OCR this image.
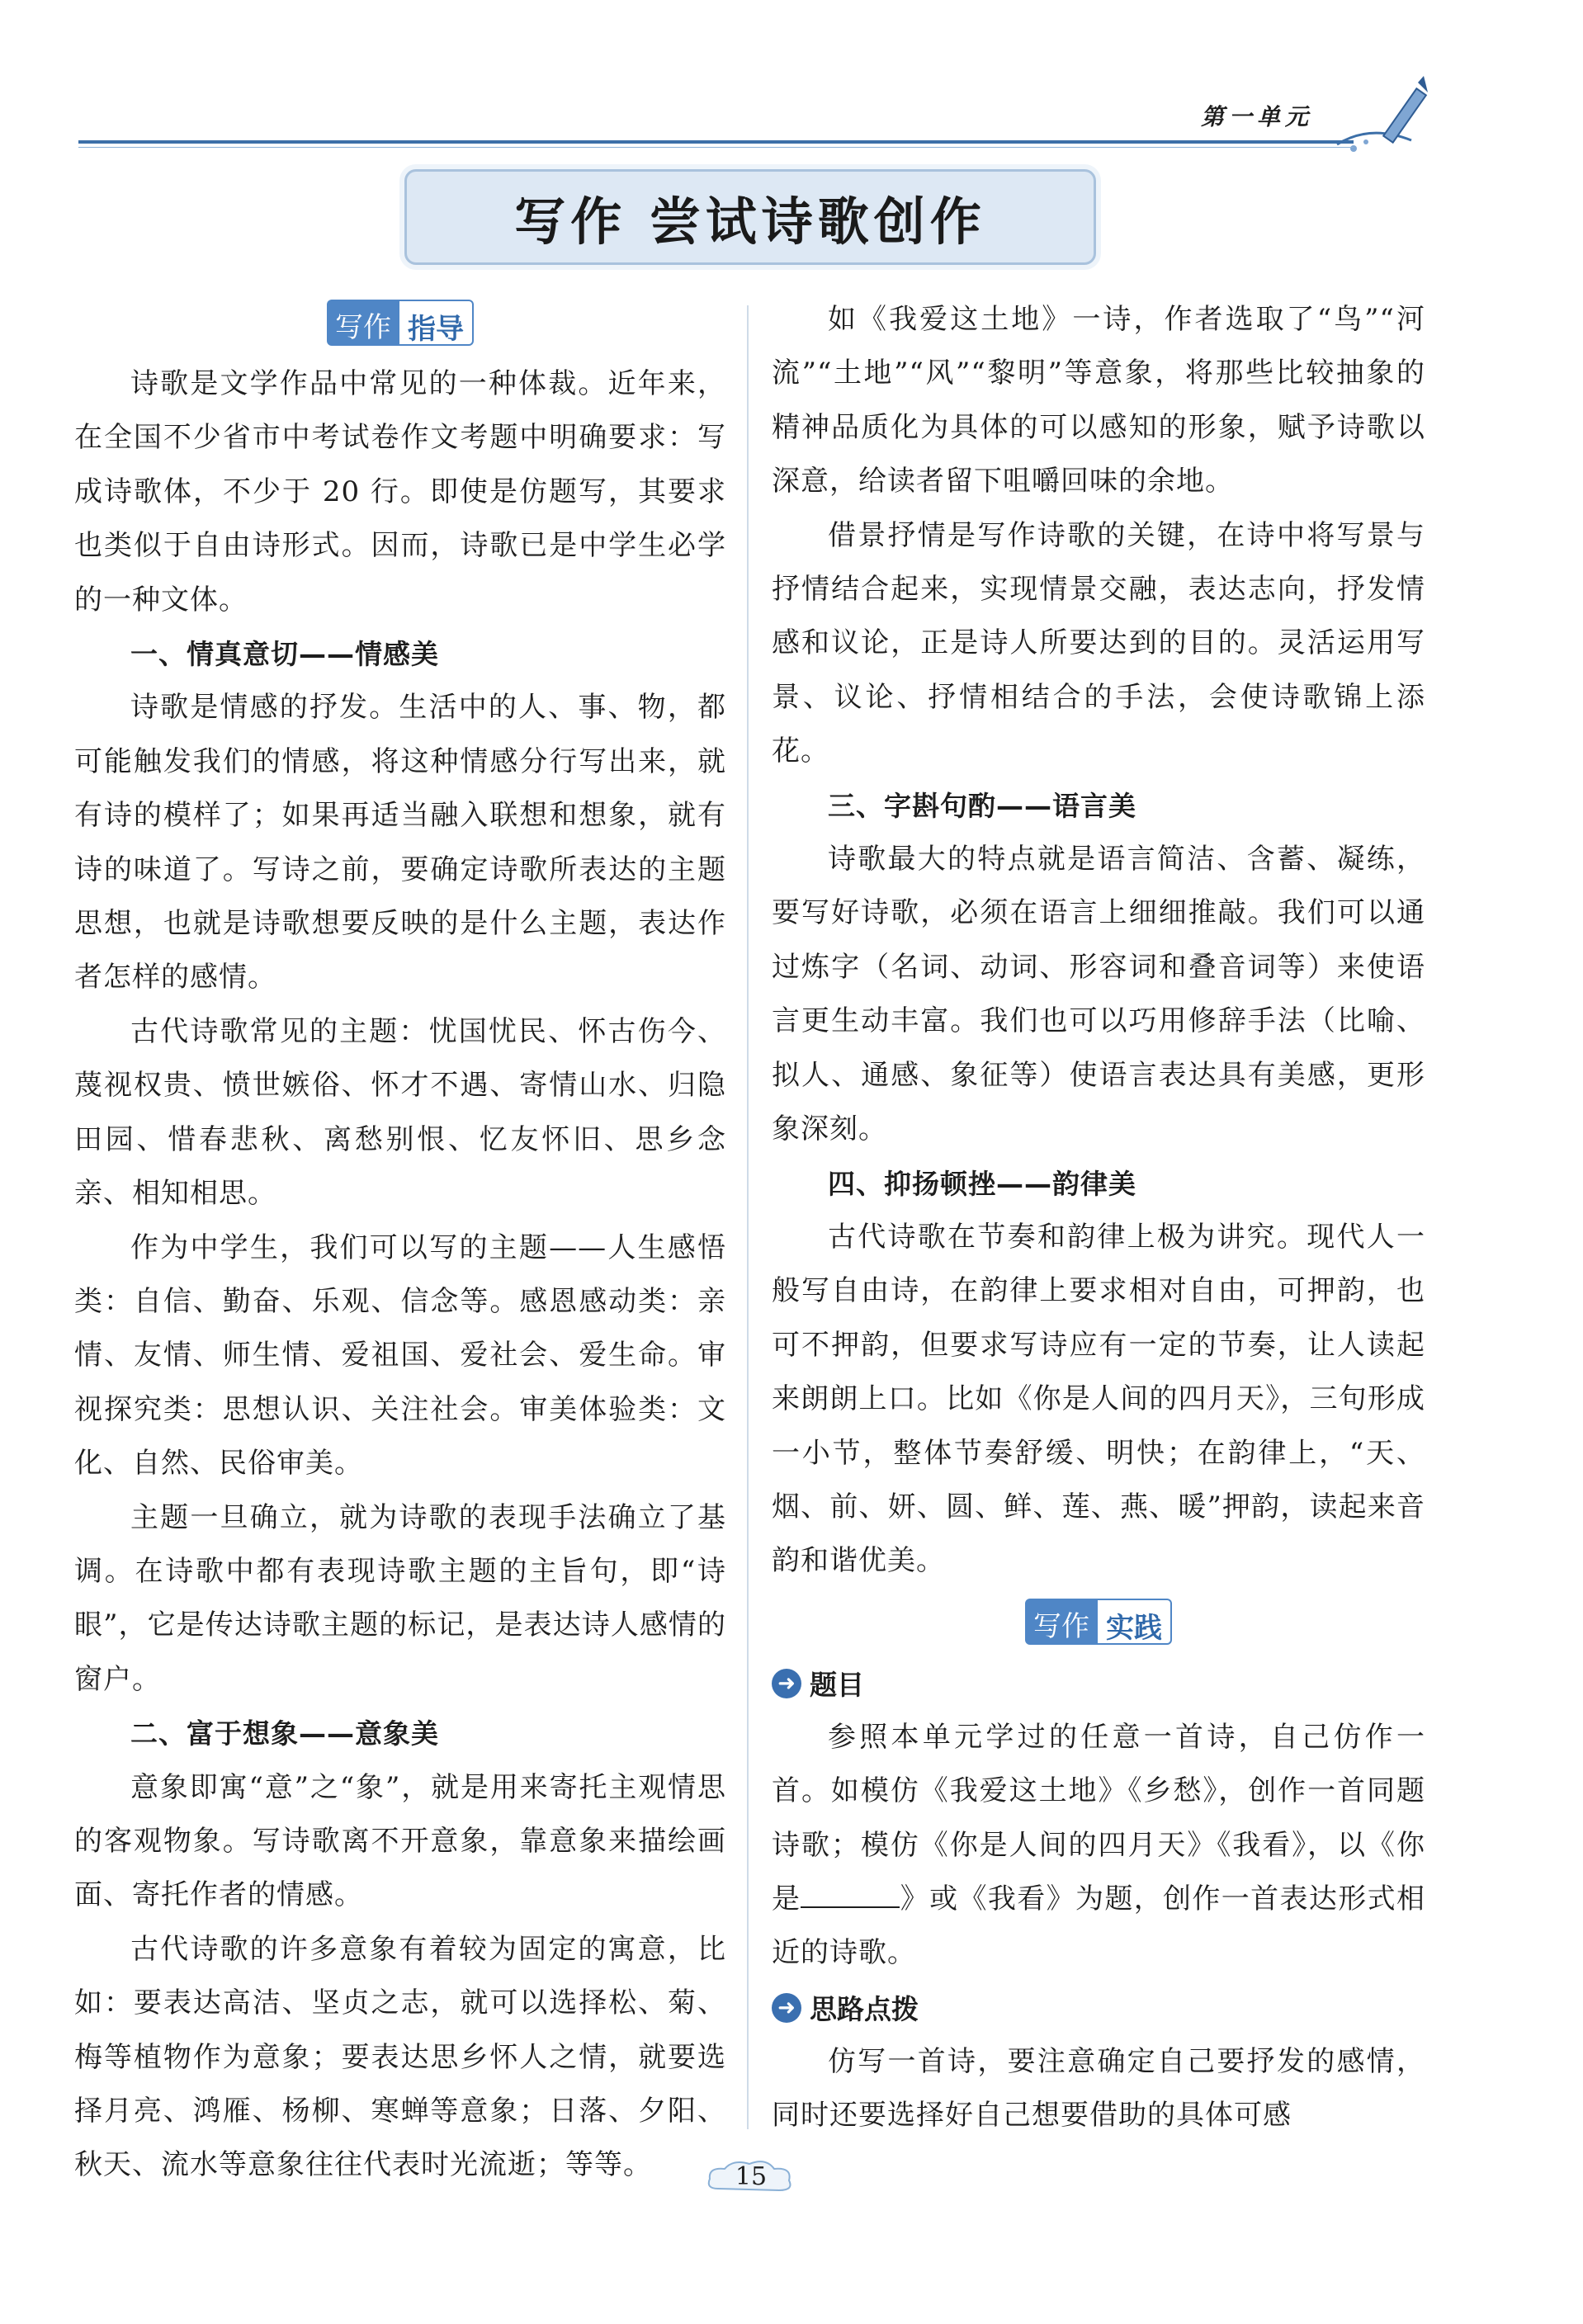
第一单元
写作 尝试诗歌创作
写作 指导

诗歌是文学作品中常见的一种体裁。近年来，在全国不少省市中考试卷作文考题中明确要求：写成诗歌体，不少于 20 行。即使是仿题写，其要求也类似于自由诗形式。因而，诗歌已是中学生必学的一种文体。

一、情真意切——情感美

诗歌是情感的抒发。生活中的人、事、物，都可能触发我们的情感，将这种情感分行写出来，就有诗的模样了；如果再适当融入联想和想象，就有诗的味道了。写诗之前，要确定诗歌所表达的主题思想，也就是诗歌想要反映的是什么主题，表达作者怎样的感情。

古代诗歌常见的主题：忧国忧民、怀古伤今、蔑视权贵、愤世嫉俗、怀才不遇、寄情山水、归隐田园、惜春悲秋、离愁别恨、忆友怀旧、思乡念亲、相知相思。

作为中学生，我们可以写的主题——人生感悟类：自信、勤奋、乐观、信念等。感恩感动类：亲情、友情、师生情、爱祖国、爱社会、爱生命。审视探究类：思想认识、关注社会。审美体验类：文化、自然、民俗审美。

主题一旦确立，就为诗歌的表现手法确立了基调。在诗歌中都有表现诗歌主题的主旨句，即“诗眼”，它是传达诗歌主题的标记，是表达诗人感情的窗户。

二、富于想象——意象美

意象即寓“意”之“象”，就是用来寄托主观情思的客观物象。写诗歌离不开意象，靠意象来描绘画面、寄托作者的情感。

古代诗歌的许多意象有着较为固定的寓意，比如：要表达高洁、坚贞之志，就可以选择松、菊、梅等植物作为意象；要表达思乡怀人之情，就要选择月亮、鸿雁、杨柳、寒蝉等意象；日落、夕阳、秋天、流水等意象往往代表时光流逝；等等。

如《我爱这土地》一诗，作者选取了“鸟”“河流”“土地”“风”“黎明”等意象，将那些比较抽象的精神品质化为具体的可以感知的形象，赋予诗歌以深意，给读者留下咀嚼回味的余地。

借景抒情是写作诗歌的关键，在诗中将写景与抒情结合起来，实现情景交融，表达志向，抒发情感和议论，正是诗人所要达到的目的。灵活运用写景、议论、抒情相结合的手法，会使诗歌锦上添花。

三、字斟句酌——语言美

诗歌最大的特点就是语言简洁、含蓄、凝练，要写好诗歌，必须在语言上细细推敲。我们可以通过炼字（名词、动词、形容词和叠音词等）来使语言更生动丰富。我们也可以巧用修辞手法（比喻、拟人、通感、象征等）使语言表达具有美感，更形象深刻。

四、抑扬顿挫——韵律美

古代诗歌在节奏和韵律上极为讲究。现代人一般写自由诗，在韵律上要求相对自由，可押韵，也可不押韵，但要求写诗应有一定的节奏，让人读起来朗朗上口。比如《你是人间的四月天》，三句形成一小节，整体节奏舒缓、明快；在韵律上，“天、烟、前、妍、圆、鲜、莲、燕、暖”押韵，读起来音韵和谐优美。

写作 实践
➜ 题目

参照本单元学过的任意一首诗，自己仿作一首。如模仿《我爱这土地》《乡愁》，创作一首同题诗歌；模仿《你是人间的四月天》《我看》，以《你是	》或《我看》为题，创作一首表达形式相近的诗歌。

➜ 思路点拨

仿写一首诗，要注意确定自己要抒发的感情，同时还要选择好自己想要借助的具体可感

15
